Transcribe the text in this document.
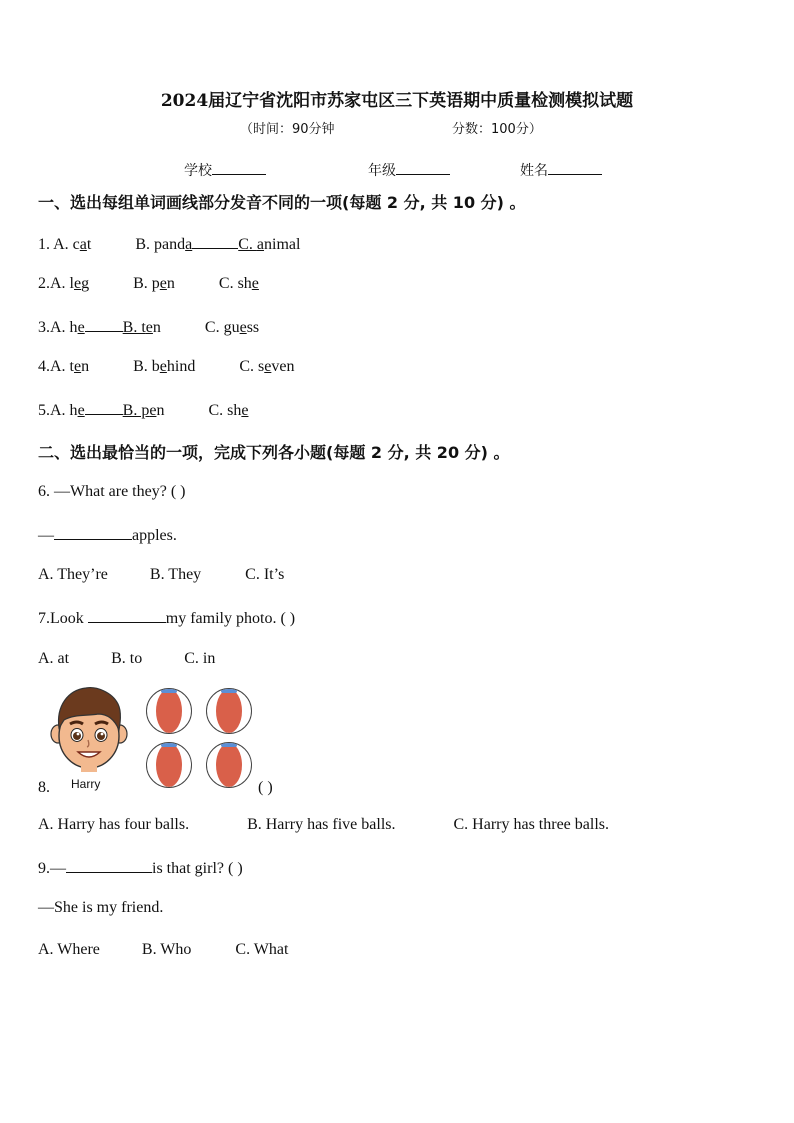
2024届辽宁省沈阳市苏家屯区三下英语期中质量检测模拟试题
（时间：90分钟	分数：100分）
学校	年级	姓名
一、选出每组单词画线部分发音不同的一项(每题 2 分, 共 10 分) 。
1. A. cat	B. panda	C. animal
2.A. leg	B. pen	C. she
3.A. he B. ten	C. guess
4.A. ten	B. behind	C. seven
5.A. he B. pen	C. she
二、选出最恰当的一项，完成下列各小题(每题 2 分, 共 20 分) 。
6. —What are they? ( )
—	apples.
A. They’re	B. They	C. It’s
7.Look	my family photo. ( )
A. at	B. to	C. in
Harry
8.	( )
A. Harry has four balls.	B. Harry has five balls.	C. Harry has three balls.
9.—	is that girl? ( )
—She is my friend.
A. Where	B. Who	C. What
